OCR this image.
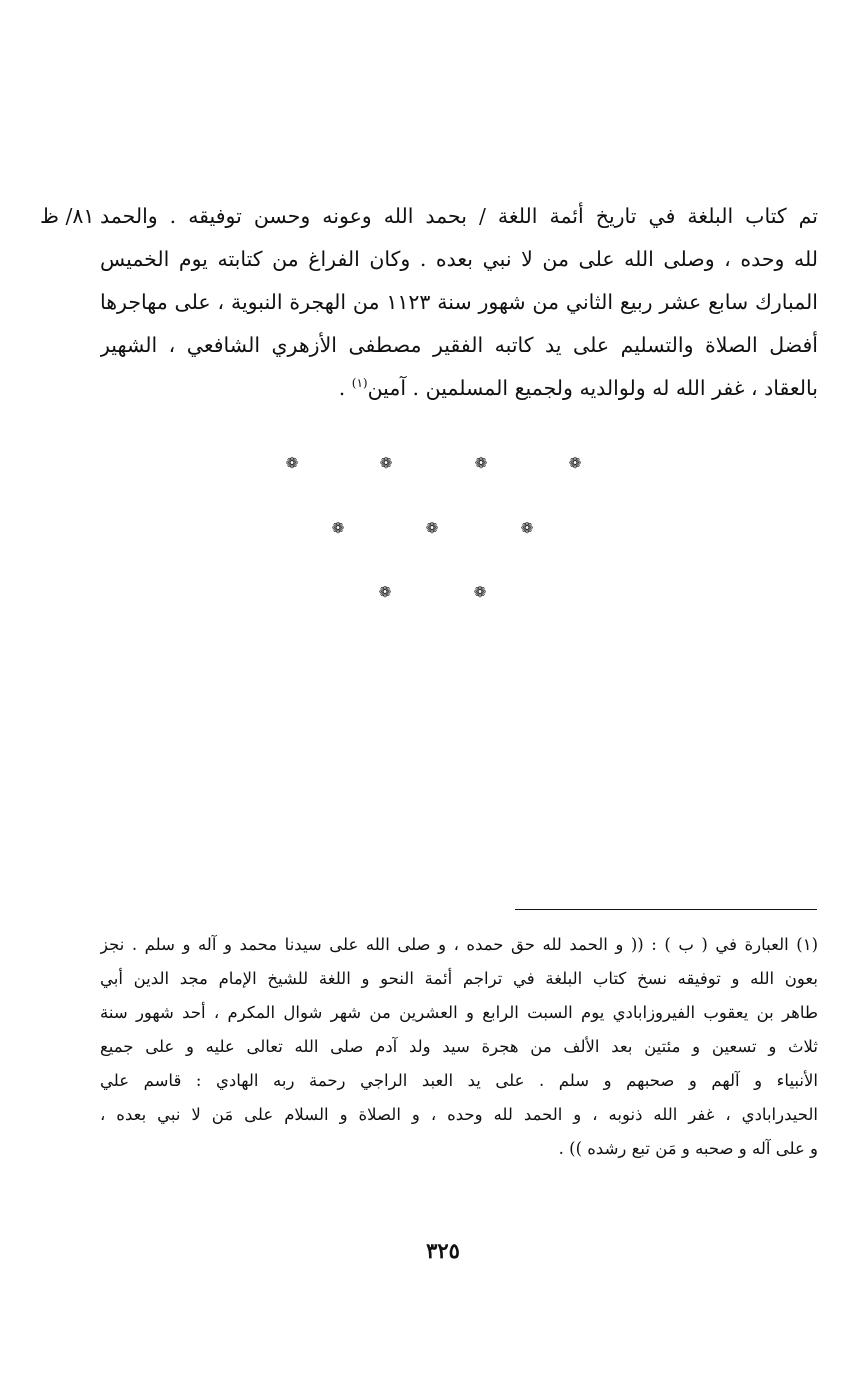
٨١/ ظ تم كتاب البلغة في تاريخ أئمة اللغة / بحمد الله وعونه وحسن توفيقه . والحمد
لله وحده ، وصلى الله على من لا نبي بعده . وكان الفراغ من كتابته يوم الخميس
المبارك سابع عشر ربيع الثاني من شهور سنة ١١٢٣ من الهجرة النبوية ، على مهاجرها
أفضل الصلاة والتسليم على يد كاتبه الفقير مصطفى الأزهري الشافعي ، الشهير
بالعقاد ، غفر الله له ولوالديه ولجميع المسلمين . آمين$^{(١)}$ .
❁	❁	❁	❁
❁	❁	❁
❁	❁
(١) العبارة في ( ب ) : (( و الحمد لله حق حمده ، و صلى الله على سيدنا محمد و آله و سلم . نجز
بعون الله و توفيقه نسخ كتاب البلغة في تراجم أئمة النحو و اللغة للشيخ الإمام مجد الدين أبي
طاهر بن يعقوب الفيروزابادي يوم السبت الرابع و العشرين من شهر شوال المكرم ، أحد شهور سنة
ثلاث و تسعين و مئتين بعد الألف من هجرة سيد ولد آدم صلى الله تعالى عليه و على جميع
الأنبياء و آلهم و صحبهم و سلم . على يد العبد الراجي رحمة ربه الهادي : قاسم علي
الحيدرابادي ، غفر الله ذنوبه ، و الحمد لله وحده ، و الصلاة و السلام على مَن لا نبي بعده ،
و على آله و صحبه و مَن تبع رشده )) .
٣٢٥
